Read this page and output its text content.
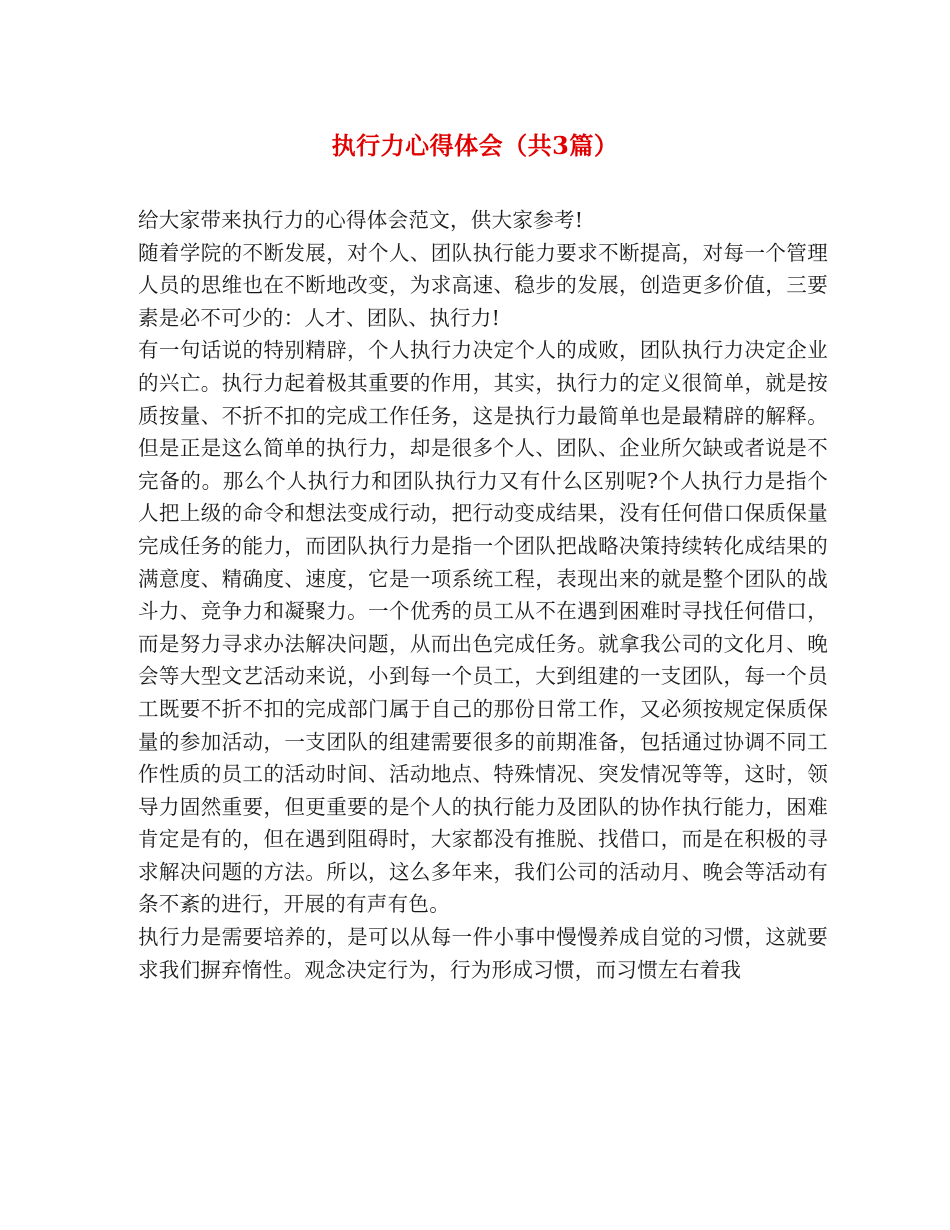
执行力心得体会（共3篇）

给大家带来执行力的心得体会范文，供大家参考!

随着学院的不断发展，对个人、团队执行能力要求不断提高，对每一个管理人员的思维也在不断地改变，为求高速、稳步的发展，创造更多价值，三要素是必不可少的：人才、团队、执行力!

有一句话说的特别精辟，个人执行力决定个人的成败，团队执行力决定企业的兴亡。执行力起着极其重要的作用，其实，执行力的定义很简单，就是按质按量、不折不扣的完成工作任务，这是执行力最简单也是最精辟的解释。但是正是这么简单的执行力，却是很多个人、团队、企业所欠缺或者说是不完备的。那么个人执行力和团队执行力又有什么区别呢?个人执行力是指个人把上级的命令和想法变成行动，把行动变成结果，没有任何借口保质保量完成任务的能力，而团队执行力是指一个团队把战略决策持续转化成结果的满意度、精确度、速度，它是一项系统工程，表现出来的就是整个团队的战斗力、竞争力和凝聚力。一个优秀的员工从不在遇到困难时寻找任何借口，而是努力寻求办法解决问题，从而出色完成任务。就拿我公司的文化月、晚会等大型文艺活动来说，小到每一个员工，大到组建的一支团队，每一个员工既要不折不扣的完成部门属于自己的那份日常工作，又必须按规定保质保量的参加活动，一支团队的组建需要很多的前期准备，包括通过协调不同工作性质的员工的活动时间、活动地点、特殊情况、突发情况等等，这时，领导力固然重要，但更重要的是个人的执行能力及团队的协作执行能力，困难肯定是有的，但在遇到阻碍时，大家都没有推脱、找借口，而是在积极的寻求解决问题的方法。所以，这么多年来，我们公司的活动月、晚会等活动有条不紊的进行，开展的有声有色。

执行力是需要培养的，是可以从每一件小事中慢慢养成自觉的习惯，这就要求我们摒弃惰性。观念决定行为，行为形成习惯，而习惯左右着我
